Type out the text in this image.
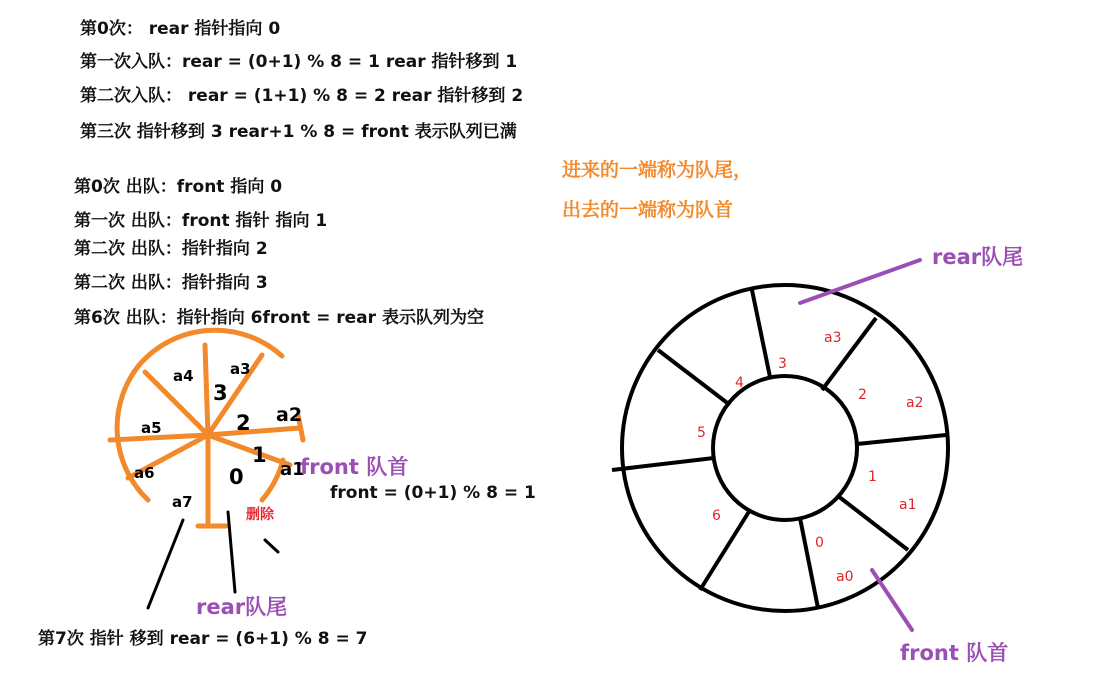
第0次： rear 指针指向 0
第一次入队：rear = (0+1) % 8 = 1 rear 指针移到 1
第二次入队： rear = (1+1) % 8 = 2 rear 指针移到 2
第三次 指针移到 3 rear+1 % 8 = front 表示队列已满
第0次 出队：front 指向 0
第一次 出队：front 指针 指向 1
第二次 出队：指针指向 2
第二次 出队：指针指向 3
第6次 出队：指针指向 6front = rear 表示队列为空
进来的一端称为队尾，
出去的一端称为队首
a4 a3
a5
a2
a6	a1
a7
3
2
1
0
3
4
5
6
0
1
2
a3
a2
a1
a0
front 队首
front = (0+1) % 8 = 1
删除
rear队尾
第7次 指针 移到 rear = (6+1) % 8 = 7
rear队尾
front 队首
